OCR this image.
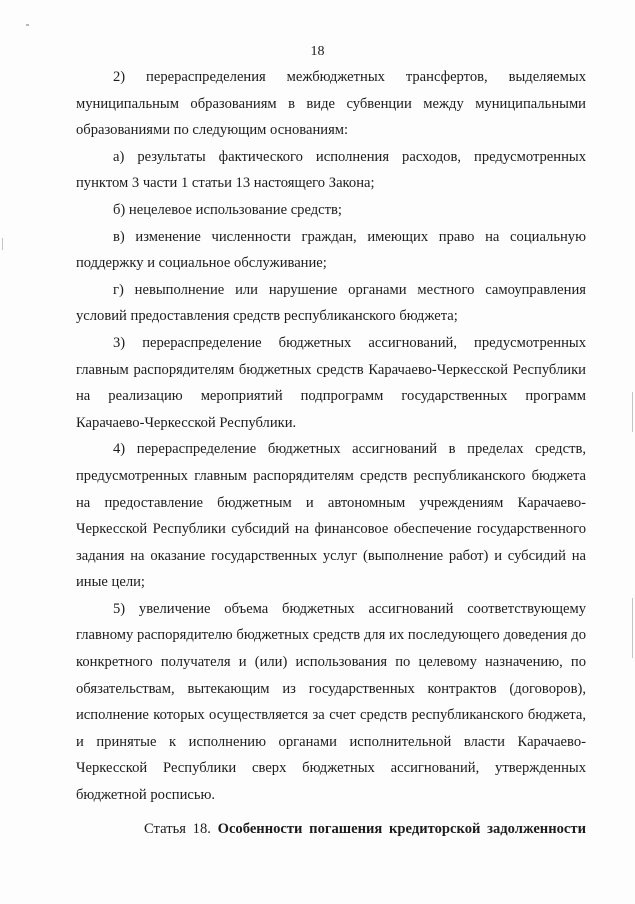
18

2) перераспределения межбюджетных трансфертов, выделяемых муниципальным образованиям в виде субвенции между муниципальными образованиями по следующим основаниям:

а) результаты фактического исполнения расходов, предусмотренных пунктом 3 части 1 статьи 13 настоящего Закона;

б) нецелевое использование средств;

в) изменение численности граждан, имеющих право на социальную поддержку и социальное обслуживание;

г) невыполнение или нарушение органами местного самоуправления условий предоставления средств республиканского бюджета;

3) перераспределение бюджетных ассигнований, предусмотренных главным распорядителям бюджетных средств Карачаево-Черкесской Республики на реализацию мероприятий подпрограмм государственных программ Карачаево-Черкесской Республики.

4) перераспределение бюджетных ассигнований в пределах средств, предусмотренных главным распорядителям средств республиканского бюджета на предоставление бюджетным и автономным учреждениям Карачаево-Черкесской Республики субсидий на финансовое обеспечение государственного задания на оказание государственных услуг (выполнение работ) и субсидий на иные цели;

5) увеличение объема бюджетных ассигнований соответствующему главному распорядителю бюджетных средств для их последующего доведения до конкретного получателя и (или) использования по целевому назначению, по обязательствам, вытекающим из государственных контрактов (договоров), исполнение которых осуществляется за счет средств республиканского бюджета, и принятые к исполнению органами исполнительной власти Карачаево-Черкесской Республики сверх бюджетных ассигнований, утвержденных бюджетной росписью.

Статья 18. Особенности погашения кредиторской задолженности
